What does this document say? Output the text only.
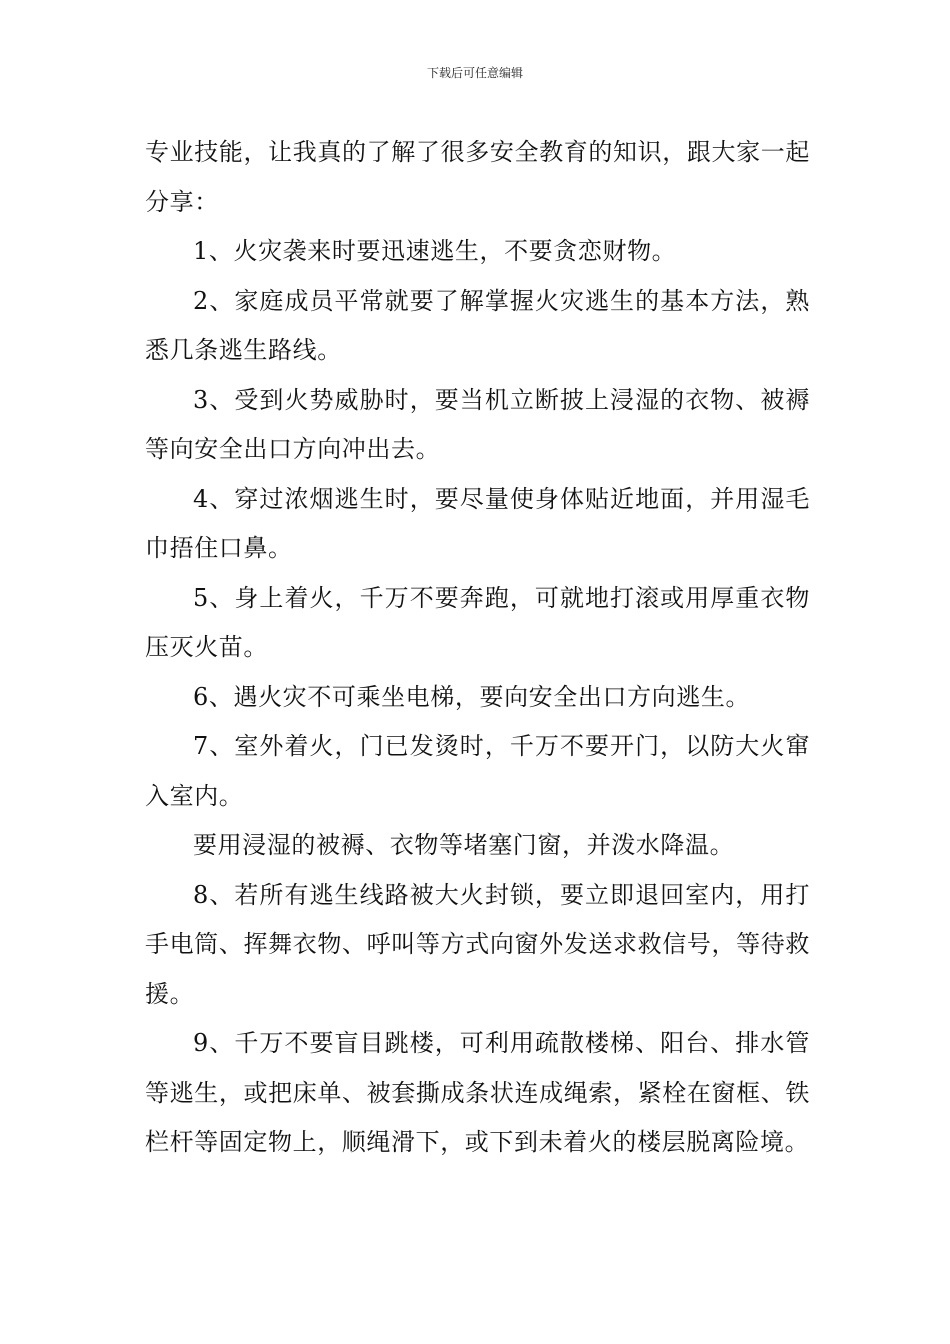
下载后可任意编辑

专业技能，让我真的了解了很多安全教育的知识，跟大家一起分享：

1、火灾袭来时要迅速逃生，不要贪恋财物。

2、家庭成员平常就要了解掌握火灾逃生的基本方法，熟悉几条逃生路线。

3、受到火势威胁时，要当机立断披上浸湿的衣物、被褥等向安全出口方向冲出去。

4、穿过浓烟逃生时，要尽量使身体贴近地面，并用湿毛巾捂住口鼻。

5、身上着火，千万不要奔跑，可就地打滚或用厚重衣物压灭火苗。

6、遇火灾不可乘坐电梯，要向安全出口方向逃生。

7、室外着火，门已发烫时，千万不要开门，以防大火窜入室内。

要用浸湿的被褥、衣物等堵塞门窗，并泼水降温。

8、若所有逃生线路被大火封锁，要立即退回室内，用打手电筒、挥舞衣物、呼叫等方式向窗外发送求救信号，等待救援。

9、千万不要盲目跳楼，可利用疏散楼梯、阳台、排水管等逃生，或把床单、被套撕成条状连成绳索，紧栓在窗框、铁栏杆等固定物上，顺绳滑下，或下到未着火的楼层脱离险境。
